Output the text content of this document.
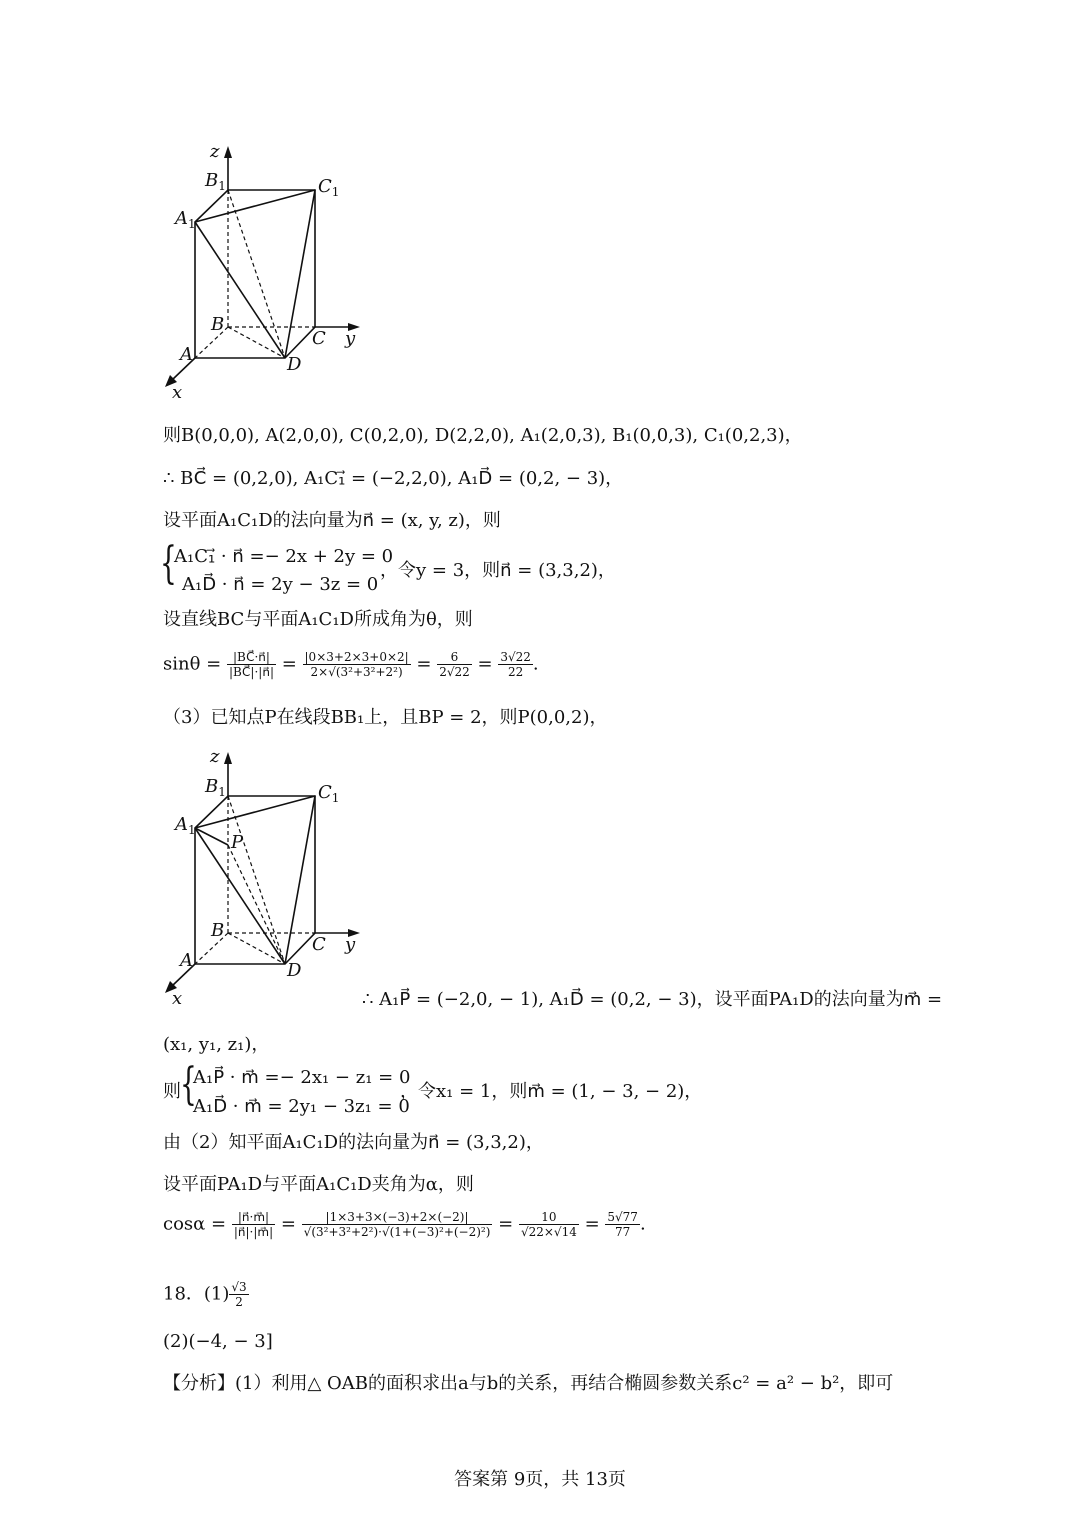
z
$B_1$	$C_1$
$A_1$
B
C y
A	D
x
则B(0,0,0), A(2,0,0), C(0,2,0), D(2,2,0), A₁(2,0,3), B₁(0,0,3), C₁(0,2,3)，
∴ BC⃗ = (0,2,0), A₁C₁⃗ = (−2,2,0), A₁D⃗ = (0,2, − 3)，
设平面A₁C₁D的法向量为n⃗ = (x, y, z)，则
{
A₁C₁⃗ · n⃗ =− 2x + 2y = 0
A₁D⃗ · n⃗ = 2y − 3z = 0
，令y = 3，则n⃗ = (3,3,2)，
设直线BC与平面A₁C₁D所成角为θ，则
$\sin\theta = \frac{|BC⃗\cdot n⃗|}{|BC⃗|\cdot|n⃗|} = \frac{|0\times 3+2\times 3+0\times 2|}{\text{2×√(3²+3²+2²)}} = \frac{6}{2√22} = \frac{3√22}{22}$ .
（3）已知点P在线段BB₁上，且BP = 2，则P(0,0,2)，
z
$B_1$	$C_1$
$A_1$
P
B
C y
A	D
x	∴ A₁P⃗ = (−2,0, − 1), A₁D⃗ = (0,2, − 3)，设平面PA₁D的法向量为m⃗ =
(x₁, y₁, z₁)，
则 {
A₁P⃗ · m⃗ =− 2x₁ − z₁ = 0
A₁D⃗ · m⃗ = 2y₁ − 3z₁ = 0
，令x₁ = 1，则m⃗ = (1, − 3, − 2)，
由（2）知平面A₁C₁D的法向量为n⃗ = (3,3,2)，
设平面PA₁D与平面A₁C₁D夹角为α，则
$\cos\alpha = \frac{|n⃗\cdot m⃗|}{|n⃗|\cdot|m⃗|} = \frac{|1\times 3+3\times(-3)+2\times(-2)|}{\text{√(3²+3²+2²)·√(1+(−3)²+(−2)²)}} = \frac{10}{√22\times√14} = \frac{5√77}{77}$ .
18．$(1) \frac{√3}{2}$
(2)(−4, − 3]
【分析】(1）利用△ OAB的面积求出a与b的关系，再结合椭圆参数关系c² = a² − b²，即可
答案第 9页，共 13页
